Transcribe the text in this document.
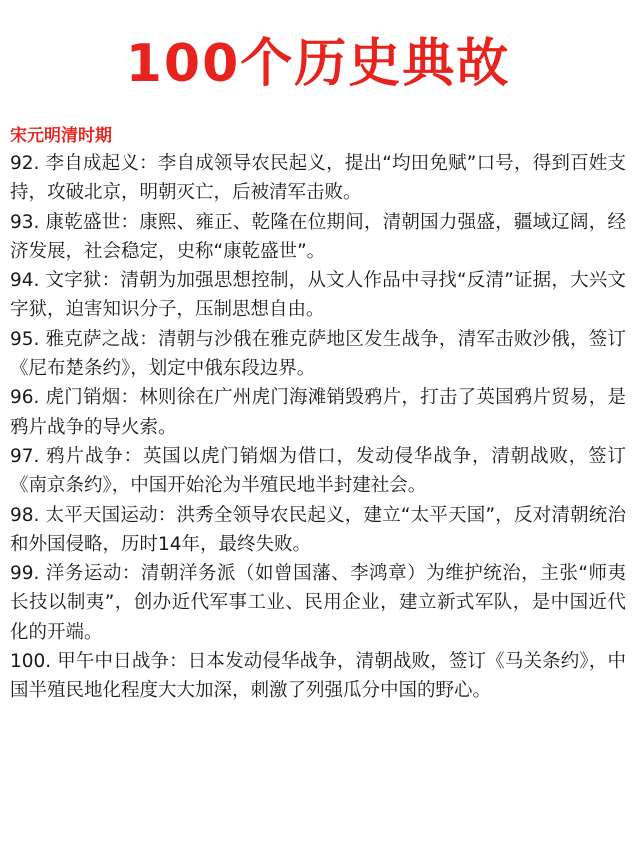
100个历史典故
宋元明清时期
92. 李自成起义：李自成领导农民起义，提出“均田免赋”口号，得到百姓支持，攻破北京，明朝灭亡，后被清军击败。
93. 康乾盛世：康熙、雍正、乾隆在位期间，清朝国力强盛，疆域辽阔，经济发展，社会稳定，史称“康乾盛世”。
94. 文字狱：清朝为加强思想控制，从文人作品中寻找“反清”证据，大兴文字狱，迫害知识分子，压制思想自由。
95. 雅克萨之战：清朝与沙俄在雅克萨地区发生战争，清军击败沙俄，签订《尼布楚条约》，划定中俄东段边界。
96. 虎门销烟：林则徐在广州虎门海滩销毁鸦片，打击了英国鸦片贸易，是鸦片战争的导火索。
97. 鸦片战争：英国以虎门销烟为借口，发动侵华战争，清朝战败，签订《南京条约》，中国开始沦为半殖民地半封建社会。
98. 太平天国运动：洪秀全领导农民起义，建立“太平天国”，反对清朝统治和外国侵略，历时14年，最终失败。
99. 洋务运动：清朝洋务派（如曾国藩、李鸿章）为维护统治，主张“师夷长技以制夷”，创办近代军事工业、民用企业，建立新式军队，是中国近代化的开端。
100. 甲午中日战争：日本发动侵华战争，清朝战败，签订《马关条约》，中国半殖民地化程度大大加深，刺激了列强瓜分中国的野心。
